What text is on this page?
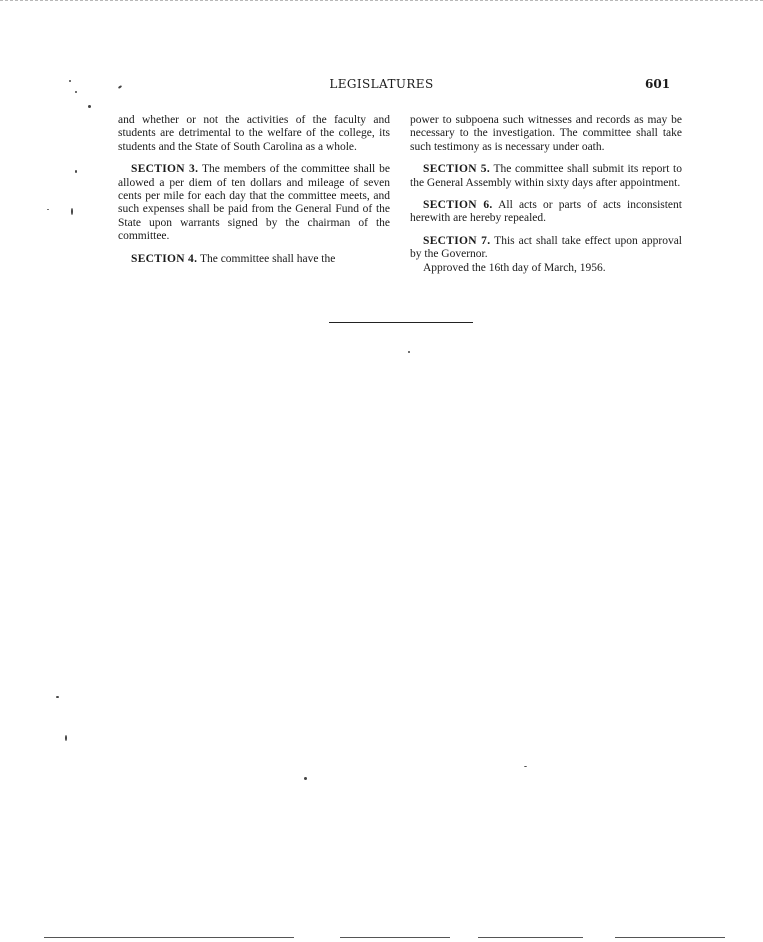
LEGISLATURES	601

and whether or not the activities of the faculty and students are detrimental to the welfare of the college, its students and the State of South Carolina as a whole.

SECTION 3. The members of the committee shall be allowed a per diem of ten dollars and mileage of seven cents per mile for each day that the committee meets, and such expenses shall be paid from the General Fund of the State upon warrants signed by the chairman of the committee.

SECTION 4. The committee shall have the

power to subpoena such witnesses and records as may be necessary to the investigation. The committee shall take such testimony as is necessary under oath.

SECTION 5. The committee shall submit its report to the General Assembly within sixty days after appointment.

SECTION 6. All acts or parts of acts inconsistent herewith are hereby repealed.

SECTION 7. This act shall take effect upon approval by the Governor.

Approved the 16th day of March, 1956.
